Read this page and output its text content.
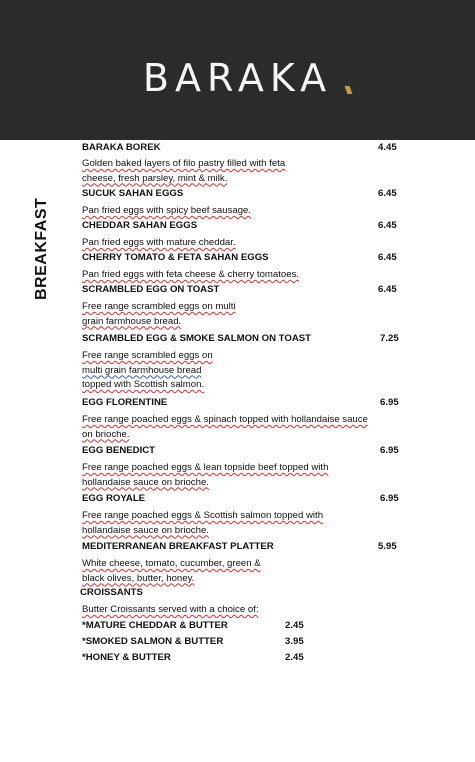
BARAKA
BREAKFAST
BARAKA BOREK	4.45
Golden baked layers of filo pastry filled with feta
cheese, fresh parsley, mint & milk.
SUCUK SAHAN EGGS	6.45
Pan fried eggs with spicy beef sausage.
CHEDDAR SAHAN EGGS	6.45
Pan fried eggs with mature cheddar.
CHERRY TOMATO & FETA SAHAN EGGS	6.45
Pan fried eggs with feta cheese & cherry tomatoes.
SCRAMBLED EGG ON TOAST	6.45
Free range scrambled eggs on multi
grain farmhouse bread.
SCRAMBLED EGG & SMOKE SALMON ON TOAST	7.25
Free range scrambled eggs on
multi grain farmhouse bread
topped with Scottish salmon.
EGG FLORENTINE	6.95
Free range poached eggs & spinach topped with hollandaise sauce
on brioche.
EGG BENEDICT	6.95
Free range poached eggs & lean topside beef topped with
hollandaise sauce on brioche.
EGG ROYALE	6.95
Free range poached eggs & Scottish salmon topped with
hollandaise sauce on brioche.
MEDITERRANEAN BREAKFAST PLATTER	5.95
White cheese, tomato, cucumber, green &
black olives, butter, honey.
CROISSANTS
Butter Croissants served with a choice of:
*MATURE CHEDDAR & BUTTER	2.45
*SMOKED SALMON & BUTTER	3.95
*HONEY & BUTTER	2.45
